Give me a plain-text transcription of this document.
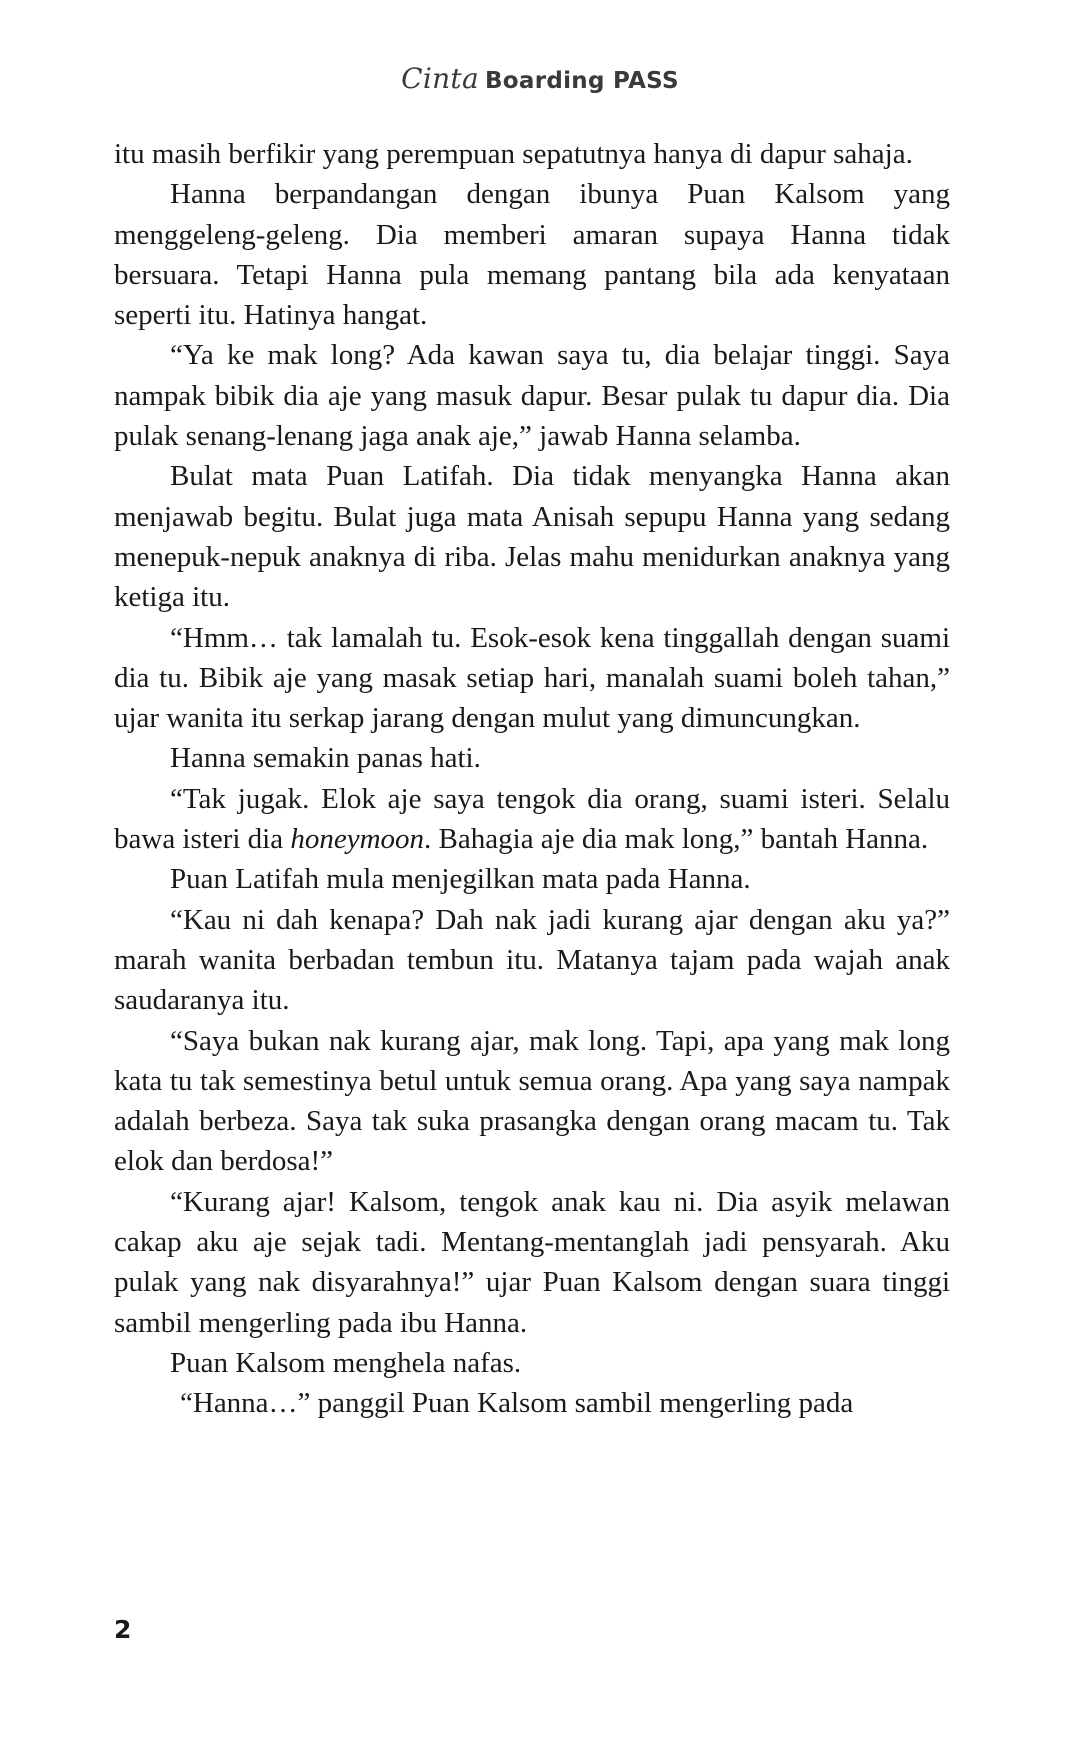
Cinta Boarding PASS

itu masih berfikir yang perempuan sepatutnya hanya di dapur sahaja.

Hanna berpandangan dengan ibunya Puan Kalsom yang menggeleng-geleng. Dia memberi amaran supaya Hanna tidak bersuara. Tetapi Hanna pula memang pantang bila ada kenyataan seperti itu. Hatinya hangat.

“Ya ke mak long? Ada kawan saya tu, dia belajar tinggi. Saya nampak bibik dia aje yang masuk dapur. Besar pulak tu dapur dia. Dia pulak senang-lenang jaga anak aje,” jawab Hanna selamba.

Bulat mata Puan Latifah. Dia tidak menyangka Hanna akan menjawab begitu. Bulat juga mata Anisah sepupu Hanna yang sedang menepuk-nepuk anaknya di riba. Jelas mahu menidurkan anaknya yang ketiga itu.

“Hmm… tak lamalah tu. Esok-esok kena tinggallah dengan suami dia tu. Bibik aje yang masak setiap hari, manalah suami boleh tahan,” ujar wanita itu serkap jarang dengan mulut yang dimuncungkan.

Hanna semakin panas hati.

“Tak jugak. Elok aje saya tengok dia orang, suami isteri. Selalu bawa isteri dia honeymoon. Bahagia aje dia mak long,” bantah Hanna.

Puan Latifah mula menjegilkan mata pada Hanna.

“Kau ni dah kenapa? Dah nak jadi kurang ajar dengan aku ya?” marah wanita berbadan tembun itu. Matanya tajam pada wajah anak saudaranya itu.

“Saya bukan nak kurang ajar, mak long. Tapi, apa yang mak long kata tu tak semestinya betul untuk semua orang. Apa yang saya nampak adalah berbeza. Saya tak suka prasangka dengan orang macam tu. Tak elok dan berdosa!”

“Kurang ajar! Kalsom, tengok anak kau ni. Dia asyik melawan cakap aku aje sejak tadi. Mentang-mentanglah jadi pensyarah. Aku pulak yang nak disyarahnya!” ujar Puan Kalsom dengan suara tinggi sambil mengerling pada ibu Hanna.

Puan Kalsom menghela nafas.

“Hanna…” panggil Puan Kalsom sambil mengerling pada

2
